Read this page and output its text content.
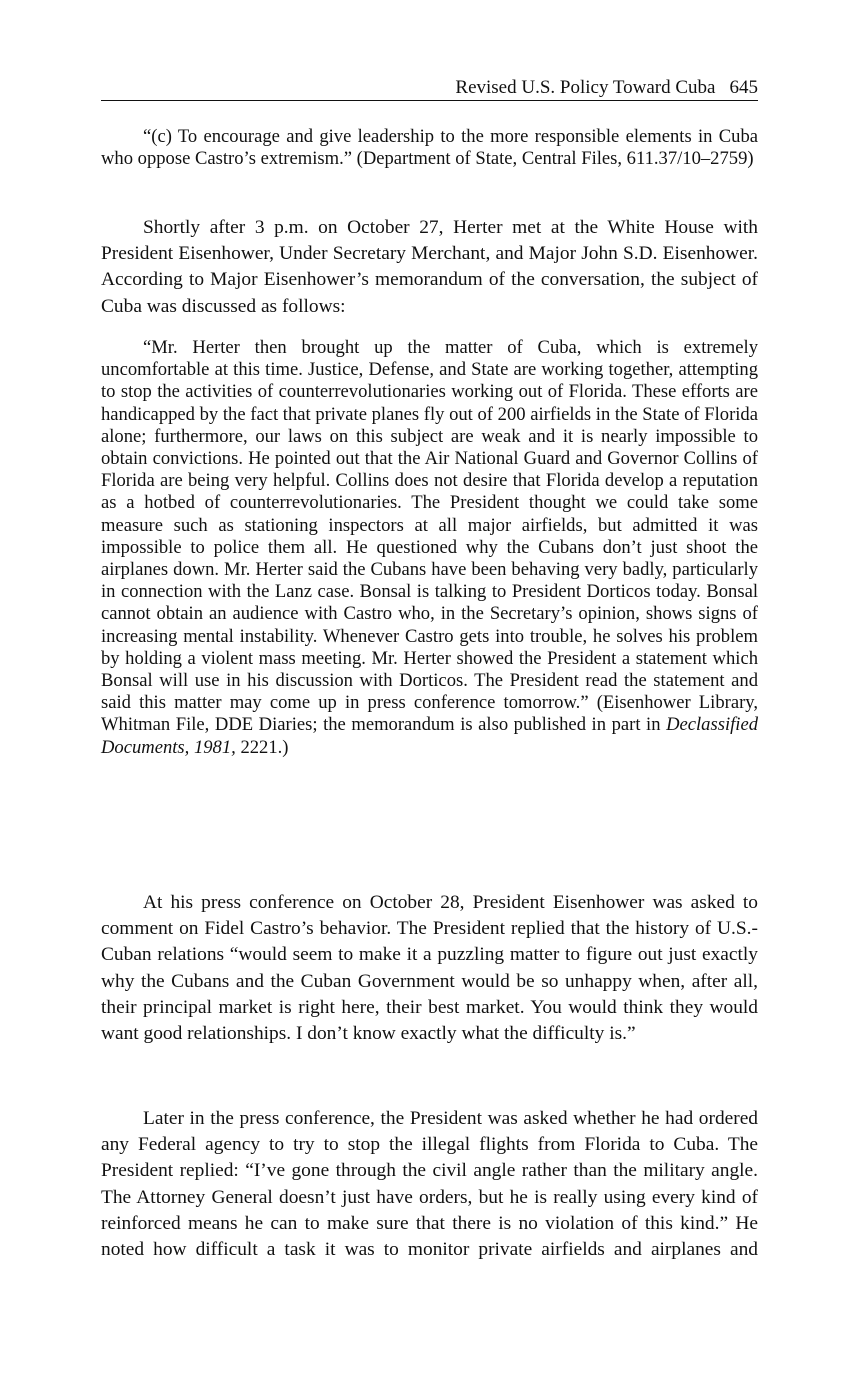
Revised U.S. Policy Toward Cuba 645

“(c) To encourage and give leadership to the more responsible elements in Cuba who oppose Castro’s extremism.” (Department of State, Central Files, 611.37/10–2759)

Shortly after 3 p.m. on October 27, Herter met at the White House with President Eisenhower, Under Secretary Merchant, and Major John S.D. Eisenhower. According to Major Eisenhower’s memorandum of the conversation, the subject of Cuba was discussed as follows:

“Mr. Herter then brought up the matter of Cuba, which is extremely uncomfortable at this time. Justice, Defense, and State are working together, attempting to stop the activities of counterrevolutionaries working out of Florida. These efforts are handicapped by the fact that private planes fly out of 200 airfields in the State of Florida alone; furthermore, our laws on this subject are weak and it is nearly impossible to obtain convictions. He pointed out that the Air National Guard and Governor Collins of Florida are being very helpful. Collins does not desire that Florida develop a reputation as a hotbed of counterrevolutionaries. The President thought we could take some measure such as stationing inspectors at all major airfields, but admitted it was impossible to police them all. He questioned why the Cubans don’t just shoot the airplanes down. Mr. Herter said the Cubans have been behaving very badly, particularly in connection with the Lanz case. Bonsal is talking to President Dorticos today. Bonsal cannot obtain an audience with Castro who, in the Secretary’s opinion, shows signs of increasing mental instability. Whenever Castro gets into trouble, he solves his problem by holding a violent mass meeting. Mr. Herter showed the President a statement which Bonsal will use in his discussion with Dorticos. The President read the statement and said this matter may come up in press conference tomorrow.” (Eisenhower Library, Whitman File, DDE Diaries; the memorandum is also published in part in Declassified Documents, 1981, 2221.)

At his press conference on October 28, President Eisenhower was asked to comment on Fidel Castro’s behavior. The President replied that the history of U.S.-Cuban relations “would seem to make it a puzzling matter to figure out just exactly why the Cubans and the Cuban Government would be so unhappy when, after all, their principal market is right here, their best market. You would think they would want good relationships. I don’t know exactly what the difficulty is.”

Later in the press conference, the President was asked whether he had ordered any Federal agency to try to stop the illegal flights from Florida to Cuba. The President replied: “I’ve gone through the civil angle rather than the military angle. The Attorney General doesn’t just have orders, but he is really using every kind of reinforced means he can to make sure that there is no violation of this kind.” He noted how difficult a task it was to monitor private airfields and airplanes and
